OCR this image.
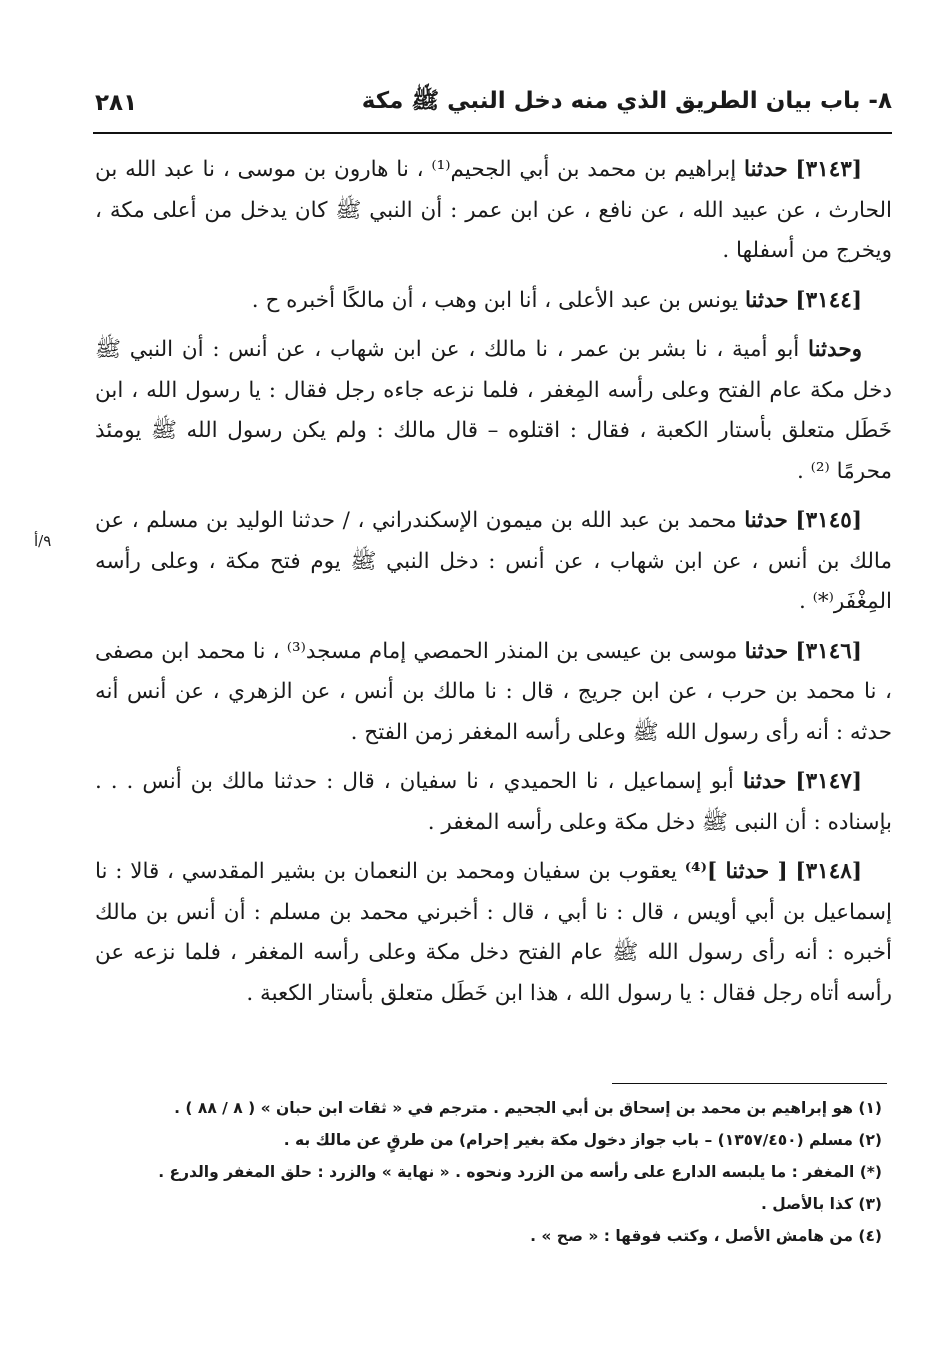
٨- باب بيان الطريق الذي منه دخل النبي ﷺ مكة
٢٨١
٩/أ

[٣١٤٣] حدثنا إبراهيم بن محمد بن أبي الجحيم⁽¹⁾ ، نا هارون بن موسى ، نا عبد الله بن الحارث ، عن عبيد الله ، عن نافع ، عن ابن عمر : أن النبي ﷺ كان يدخل من أعلى مكة ، ويخرج من أسفلها .

[٣١٤٤] حدثنا يونس بن عبد الأعلى ، أنا ابن وهب ، أن مالكًا أخبره ح .

وحدثنا أبو أمية ، نا بشر بن عمر ، نا مالك ، عن ابن شهاب ، عن أنس : أن النبي ﷺ دخل مكة عام الفتح وعلى رأسه المِغفر ، فلما نزعه جاءه رجل فقال : يا رسول الله ، ابن خَطَل متعلق بأستار الكعبة ، فقال : اقتلوه – قال مالك : ولم يكن رسول الله ﷺ يومئذ محرمًا ⁽²⁾ .

[٣١٤٥] حدثنا محمد بن عبد الله بن ميمون الإسكندراني ، / حدثنا الوليد بن مسلم ، عن مالك بن أنس ، عن ابن شهاب ، عن أنس : دخل النبي ﷺ يوم فتح مكة ، وعلى رأسه المِغْفَر⁽*⁾ .

[٣١٤٦] حدثنا موسى بن عيسى بن المنذر الحمصي إمام مسجد⁽³⁾ ، نا محمد ابن مصفى ، نا محمد بن حرب ، عن ابن جريج ، قال : نا مالك بن أنس ، عن الزهري ، عن أنس أنه حدثه : أنه رأى رسول الله ﷺ وعلى رأسه المغفر زمن الفتح .

[٣١٤٧] حدثنا أبو إسماعيل ، نا الحميدي ، نا سفيان ، قال : حدثنا مالك بن أنس . . . بإسناده : أن النبى ﷺ دخل مكة وعلى رأسه المغفر .

[٣١٤٨] [ حدثنا ]⁽⁴⁾ يعقوب بن سفيان ومحمد بن النعمان بن بشير المقدسي ، قالا : نا إسماعيل بن أبي أويس ، قال : نا أبي ، قال : أخبرني محمد بن مسلم : أن أنس بن مالك أخبره : أنه رأى رسول الله ﷺ عام الفتح دخل مكة وعلى رأسه المغفر ، فلما نزعه عن رأسه أتاه رجل فقال : يا رسول الله ، هذا ابن خَطَل متعلق بأستار الكعبة .

(١) هو إبراهيم بن محمد بن إسحاق بن أبي الجحيم . مترجم في « ثقات ابن حبان » ( ٨ / ٨٨ ) .

(٢) مسلم (١٣٥٧/٤٥٠) – باب جواز دخول مكة بغير إحرام) من طرقٍ عن مالك به .

(*) المغفر : ما يلبسه الدارع على رأسه من الزرد ونحوه . « نهاية » والزرد : حلق المغفر والدرع .

(٣) كذا بالأصل .

(٤) من هامش الأصل ، وكتب فوقها : « صح » .
